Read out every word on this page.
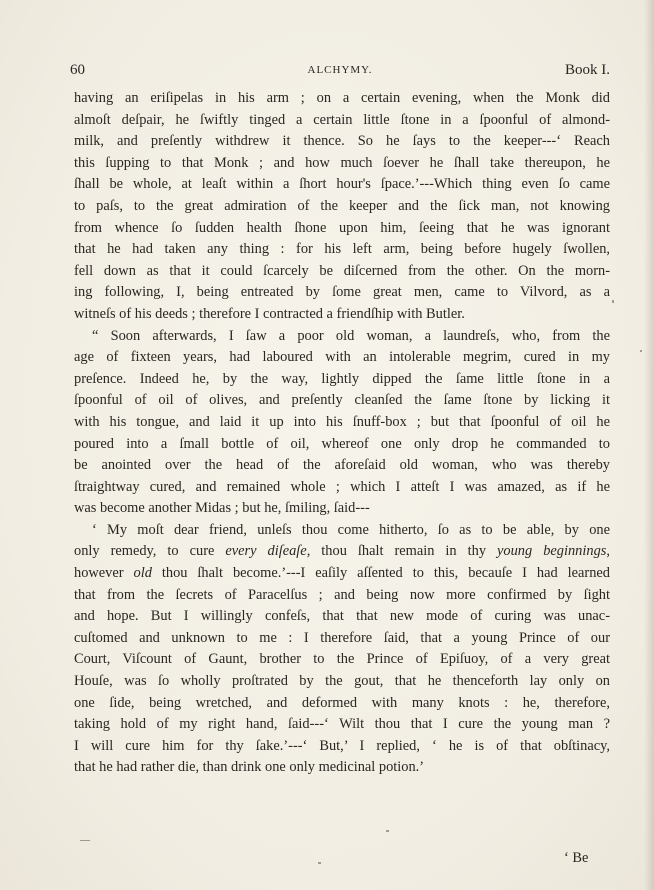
60	ALCHYMY.	Book I.
having an eriſipelas in his arm ; on a certain evening, when the Monk did
almoſt deſpair, he ſwiftly tinged a certain little ſtone in a ſpoonful of almond-
milk, and preſently withdrew it thence. So he ſays to the keeper---‘ Reach
this ſupping to that Monk ; and how much ſoever he ſhall take thereupon, he
ſhall be whole, at leaſt within a ſhort hour's ſpace.’---Which thing even ſo came
to paſs, to the great admiration of the keeper and the ſick man, not knowing
from whence ſo ſudden health ſhone upon him, ſeeing that he was ignorant
that he had taken any thing : for his left arm, being before hugely ſwollen,
fell down as that it could ſcarcely be diſcerned from the other. On the morn-
ing following, I, being entreated by ſome great men, came to Vilvord, as a
witneſs of his deeds ; therefore I contracted a friendſhip with Butler.
“ Soon afterwards, I ſaw a poor old woman, a laundreſs, who, from the
age of fixteen years, had laboured with an intolerable megrim, cured in my
preſence. Indeed he, by the way, lightly dipped the ſame little ſtone in a
ſpoonful of oil of olives, and preſently cleanſed the ſame ſtone by licking it
with his tongue, and laid it up into his ſnuff-box ; but that ſpoonful of oil he
poured into a ſmall bottle of oil, whereof one only drop he commanded to
be anointed over the head of the aforeſaid old woman, who was thereby
ſtraightway cured, and remained whole ; which I atteſt I was amazed, as if he
was become another Midas ; but he, ſmiling, ſaid---
‘ My moſt dear friend, unleſs thou come hitherto, ſo as to be able, by one
only remedy, to cure every diſeaſe, thou ſhalt remain in thy young beginnings,
however old thou ſhalt become.’---I eaſily aſſented to this, becauſe I had learned
that from the ſecrets of Paracelſus ; and being now more confirmed by ſight
and hope. But I willingly confeſs, that that new mode of curing was unac-
cuſtomed and unknown to me : I therefore ſaid, that a young Prince of our
Court, Viſcount of Gaunt, brother to the Prince of Epiſuoy, of a very great
Houſe, was ſo wholly proſtrated by the gout, that he thenceforth lay only on
one ſide, being wretched, and deformed with many knots : he, therefore,
taking hold of my right hand, ſaid---‘ Wilt thou that I cure the young man ?
I will cure him for thy ſake.’---‘ But,’ I replied, ‘ he is of that obſtinacy,
that he had rather die, than drink one only medicinal potion.’
‘ Be
